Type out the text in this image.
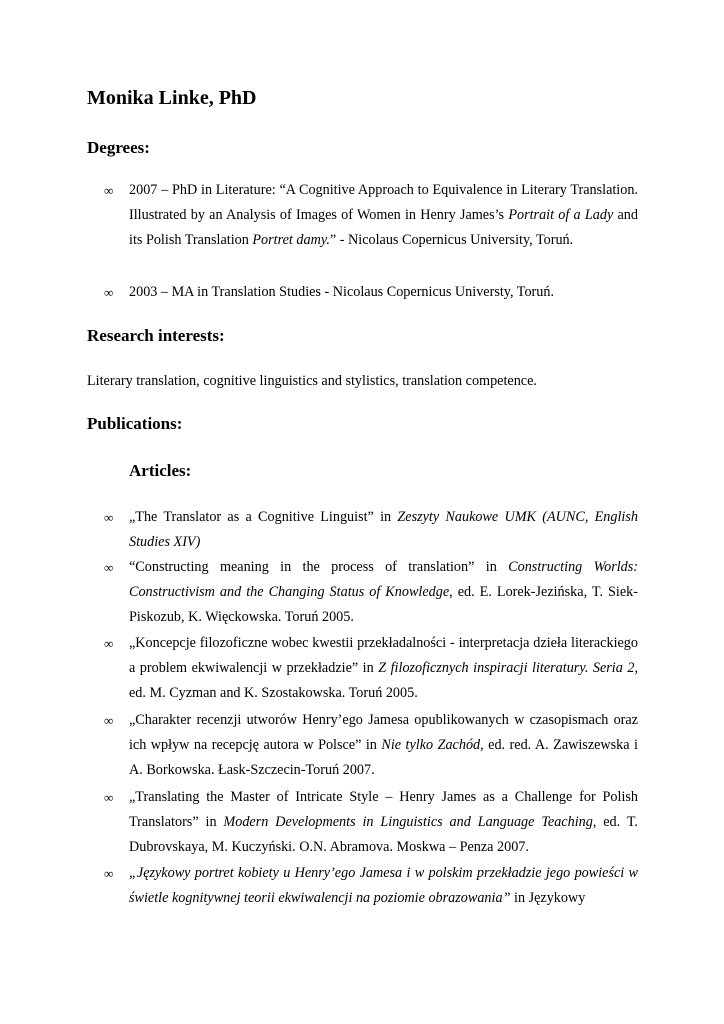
Monika Linke, PhD
Degrees:
∞	2007 – PhD in Literature: “A Cognitive Approach to Equivalence in Literary Translation. Illustrated by an Analysis of Images of Women in Henry James’s Portrait of a Lady and its Polish Translation Portret damy.” - Nicolaus Copernicus University, Toruń.
∞	2003 – MA in Translation Studies - Nicolaus Copernicus Universty, Toruń.
Research interests:

Literary translation, cognitive linguistics and stylistics, translation competence.

Publications:
Articles:
∞	„The Translator as a Cognitive Linguist” in Zeszyty Naukowe UMK (AUNC, English Studies XIV)
∞	“Constructing meaning in the process of translation” in Constructing Worlds: Constructivism and the Changing Status of Knowledge, ed. E. Lorek-Jezińska, T. Siek-Piskozub, K. Więckowska. Toruń 2005.
∞	„Koncepcje filozoficzne wobec kwestii przekładalności - interpretacja dzieła literackiego a problem ekwiwalencji w przekładzie” in Z filozoficznych inspiracji literatury. Seria 2, ed. M. Cyzman and K. Szostakowska. Toruń 2005.
∞	„Charakter recenzji utworów Henry’ego Jamesa opublikowanych w czasopismach oraz ich wpływ na recepcję autora w Polsce” in Nie tylko Zachód, ed. red. A. Zawiszewska i A. Borkowska. Łask-Szczecin-Toruń 2007.
∞	„Translating the Master of Intricate Style – Henry James as a Challenge for Polish Translators” in Modern Developments in Linguistics and Language Teaching, ed. T. Dubrovskaya, M. Kuczyński. O.N. Abramova. Moskwa – Penza 2007.
∞	„Językowy portret kobiety u Henry’ego Jamesa i w polskim przekładzie jego powieści w świetle kognitywnej teorii ekwiwalencji na poziomie obrazowania” in Językowy
